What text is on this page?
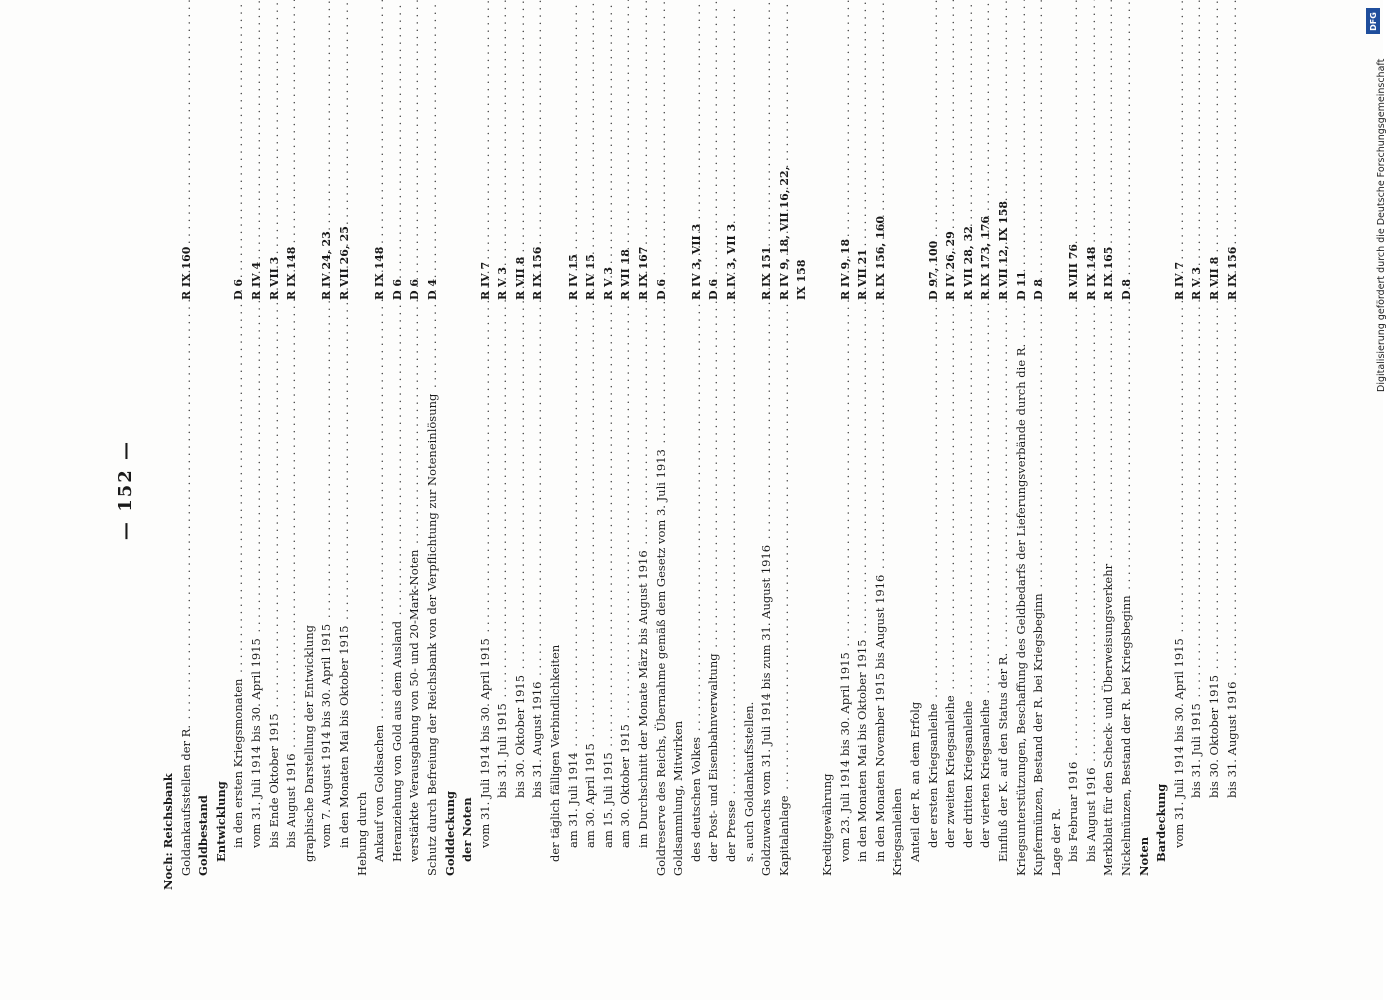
— 152 —
Noch: Reichsbank Goldankaufsstellen der R. . . .
R IX 160
Goldbestand Entwicklung in den ersten Kriegsmonaten . . .
D 6
vom 31. Juli 1914 bis 30. April 1915 . . .
R IV 4
bis Ende Oktober 1915 . . .
R VII 3
bis August 1916 . . .
R IX 148
graphische Darstellung der Entwicklung vom 7. August 1914 bis 30. April 1915 . . .
R IV 24, 23
in den Monaten Mai bis Oktober 1915 . . .
R VII 26, 25
Hebung durch Ankauf von Goldsachen . . .
R IX 148
Heranziehung von Gold aus dem Ausland . . .
D 6
verstärkte Verausgabung von 50- und 20-Mark-Noten . . .
D 6
Schutz durch Befreiung der Reichsbank von der Verpflichtung zur Noteneinlösung . . .
D 4
Golddeckung der Noten vom 31. Juli 1914 bis 30. April 1915 . . .
R IV 7
bis 31. Juli 1915 . . .
R V 3
bis 30. Oktober 1915 . . .
R VII 8
bis 31. August 1916 . . .
R IX 156
der täglich fälligen Verbindlichkeiten am 31. Juli 1914 . . .
R IV 15
am 30. April 1915 . . .
R IV 15
am 15. Juli 1915 . . .
R V 3
am 30. Oktober 1915 . . .
R VII 18
im Durchschnitt der Monate März bis August 1916 . . .
R IX 167
Goldreserve des Reichs, Übernahme gemäß dem Gesetz vom 3. Juli 1913 . . .
D 6
Goldsammlung, Mitwirken des deutschen Volkes . . .
R IV 3, VII 3
der Post- und Eisenbahnverwaltung . . .
D 6
der Presse . . .
R IV 3, VII 3
s. auch Goldankaufsstellen. Goldzuwachs vom 31. Juli 1914 bis zum 31. August 1916 . . .
R IX 151
Kapitalanlage . . .
R IV 9, 18, VII 16, 22, IX 158
Kreditgewährung vom 23. Juli 1914 bis 30. April 1915 . . .
R IV 9, 18
in den Monaten Mai bis Oktober 1915 . . .
R VII 21
in den Monaten November 1915 bis August 1916 . . .
R IX 156, 160
Kriegsanleihen Anteil der R. an dem Erfolg der ersten Kriegsanleihe . . .
D 97, 100
der zweiten Kriegsanleihe . . .
R IV 26, 29
der dritten Kriegsanleihe . . .
R VII 28, 32
der vierten Kriegsanleihe . . .
R IX 173, 176
Einfluß der K. auf den Status der R. . . .
R VII 12, IX 158
Kriegsunterstützungen, Beschaffung des Geldbedarfs der Lieferungsverbände durch die R. . . .
D 11
Kupfermünzen, Bestand der R. bei Kriegsbeginn . . .
D 8
Lage der R. bis Februar 1916 . . .
R VIII 76
bis August 1916 . . .
R IX 148
Merkblatt für den Scheck- und Überweisungsverkehr . . .
R IX 165
Nickelmünzen, Bestand der R. bei Kriegsbeginn . . .
D 8
Noten Bardeckung vom 31. Juli 1914 bis 30. April 1915 . . .
R IV 7
bis 31. Juli 1915 . . .
R V 3
bis 30. Oktober 1915 . . .
R VII 8
bis 31. August 1916 . . .
R IX 156
DFG
Digitalisierung gefördert durch die Deutsche Forschungsgemeinschaft
